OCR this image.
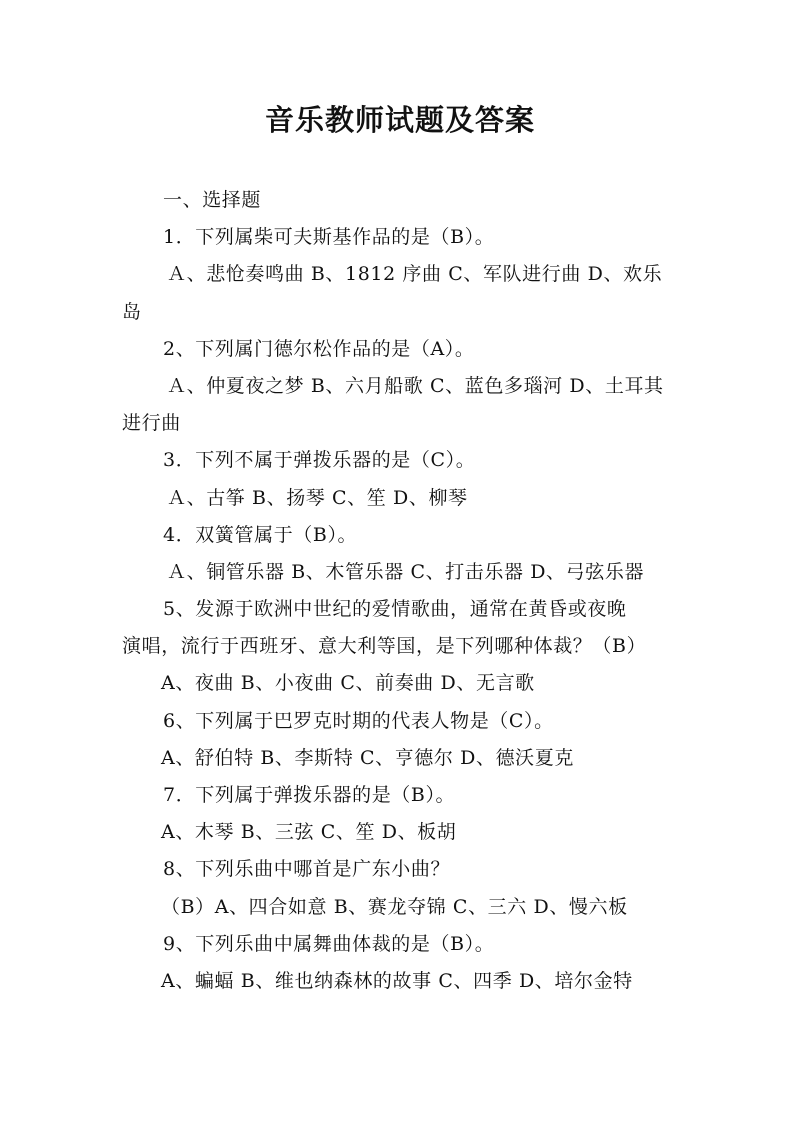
音乐教师试题及答案
一、选择题
1．下列属柴可夫斯基作品的是（B）。
Ａ、悲怆奏鸣曲 B、1812 序曲 C、军队进行曲 D、欢乐
岛
2、下列属门德尔松作品的是（A）。
Ａ、仲夏夜之梦 B、六月船歌 C、蓝色多瑙河 D、土耳其
进行曲
3．下列不属于弹拨乐器的是（C）。
Ａ、古筝 B、扬琴 C、笙 D、柳琴
4．双簧管属于（B）。
Ａ、铜管乐器 B、木管乐器 C、打击乐器 D、弓弦乐器
5、发源于欧洲中世纪的爱情歌曲，通常在黄昏或夜晚
演唱，流行于西班牙、意大利等国，是下列哪种体裁？（B）
A、夜曲 B、小夜曲 C、前奏曲 D、无言歌
6、下列属于巴罗克时期的代表人物是（C）。
A、舒伯特 B、李斯特 C、亨德尔 D、德沃夏克
7．下列属于弹拨乐器的是（B）。
A、木琴 B、三弦 C、笙 D、板胡
8、下列乐曲中哪首是广东小曲？
（B）A、四合如意 B、赛龙夺锦 C、三六 D、慢六板
9、下列乐曲中属舞曲体裁的是（B）。
A、蝙蝠 B、维也纳森林的故事 C、四季 D、培尔金特
